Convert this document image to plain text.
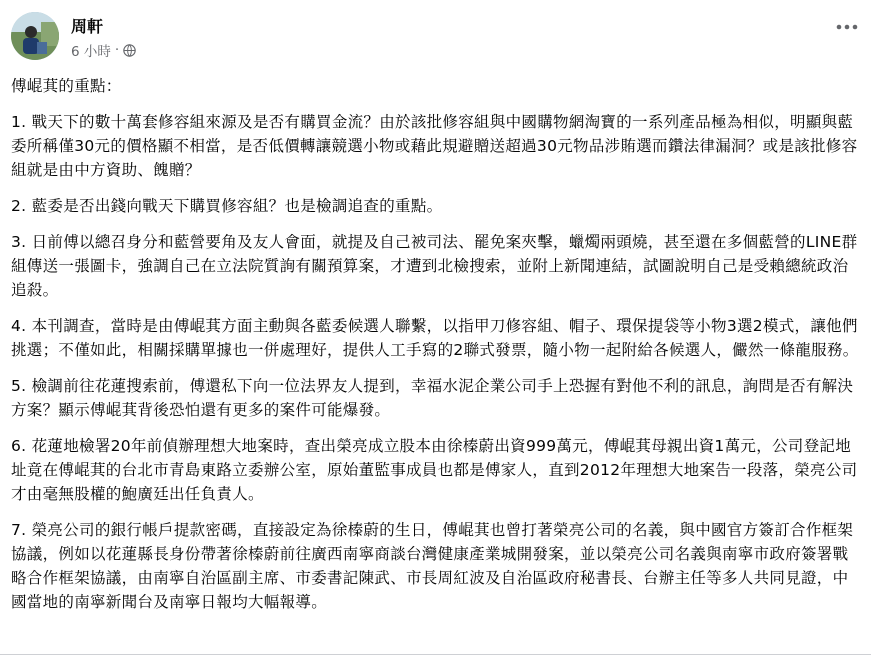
周軒
6 小時 ·

傅崐萁的重點：

1. 戰天下的數十萬套修容組來源及是否有購買金流？由於該批修容組與中國購物網淘寶的一系列產品極為相似，明顯與藍委所稱僅30元的價格顯不相當，是否低價轉讓競選小物或藉此規避贈送超過30元物品涉賄選而鑽法律漏洞？或是該批修容組就是由中方資助、餽贈？

2. 藍委是否出錢向戰天下購買修容組？也是檢調追查的重點。

3. 日前傅以總召身分和藍營要角及友人會面，就提及自己被司法、罷免案夾擊，蠟燭兩頭燒，甚至還在多個藍營的LINE群組傳送一張圖卡，強調自己在立法院質詢有關預算案，才遭到北檢搜索，並附上新聞連結，試圖說明自己是受賴總統政治追殺。

4. 本刊調查，當時是由傅崐萁方面主動與各藍委候選人聯繫，以指甲刀修容組、帽子、環保提袋等小物3選2模式，讓他們挑選；不僅如此，相關採購單據也一併處理好，提供人工手寫的2聯式發票，隨小物一起附給各候選人，儼然一條龍服務。

5. 檢調前往花蓮搜索前，傅還私下向一位法界友人提到，幸福水泥企業公司手上恐握有對他不利的訊息，詢問是否有解決方案？顯示傅崐萁背後恐怕還有更多的案件可能爆發。

6. 花蓮地檢署20年前偵辦理想大地案時，查出榮亮成立股本由徐榛蔚出資999萬元，傅崐萁母親出資1萬元，公司登記地址竟在傅崐萁的台北市青島東路立委辦公室，原始董監事成員也都是傅家人，直到2012年理想大地案告一段落，榮亮公司才由毫無股權的鮑廣廷出任負責人。

7. 榮亮公司的銀行帳戶提款密碼，直接設定為徐榛蔚的生日，傅崐萁也曾打著榮亮公司的名義，與中國官方簽訂合作框架協議，例如以花蓮縣長身份帶著徐榛蔚前往廣西南寧商談台灣健康產業城開發案，並以榮亮公司名義與南寧市政府簽署戰略合作框架協議，由南寧自治區副主席、市委書記陳武、市長周紅波及自治區政府秘書長、台辦主任等多人共同見證，中國當地的南寧新聞台及南寧日報均大幅報導。
